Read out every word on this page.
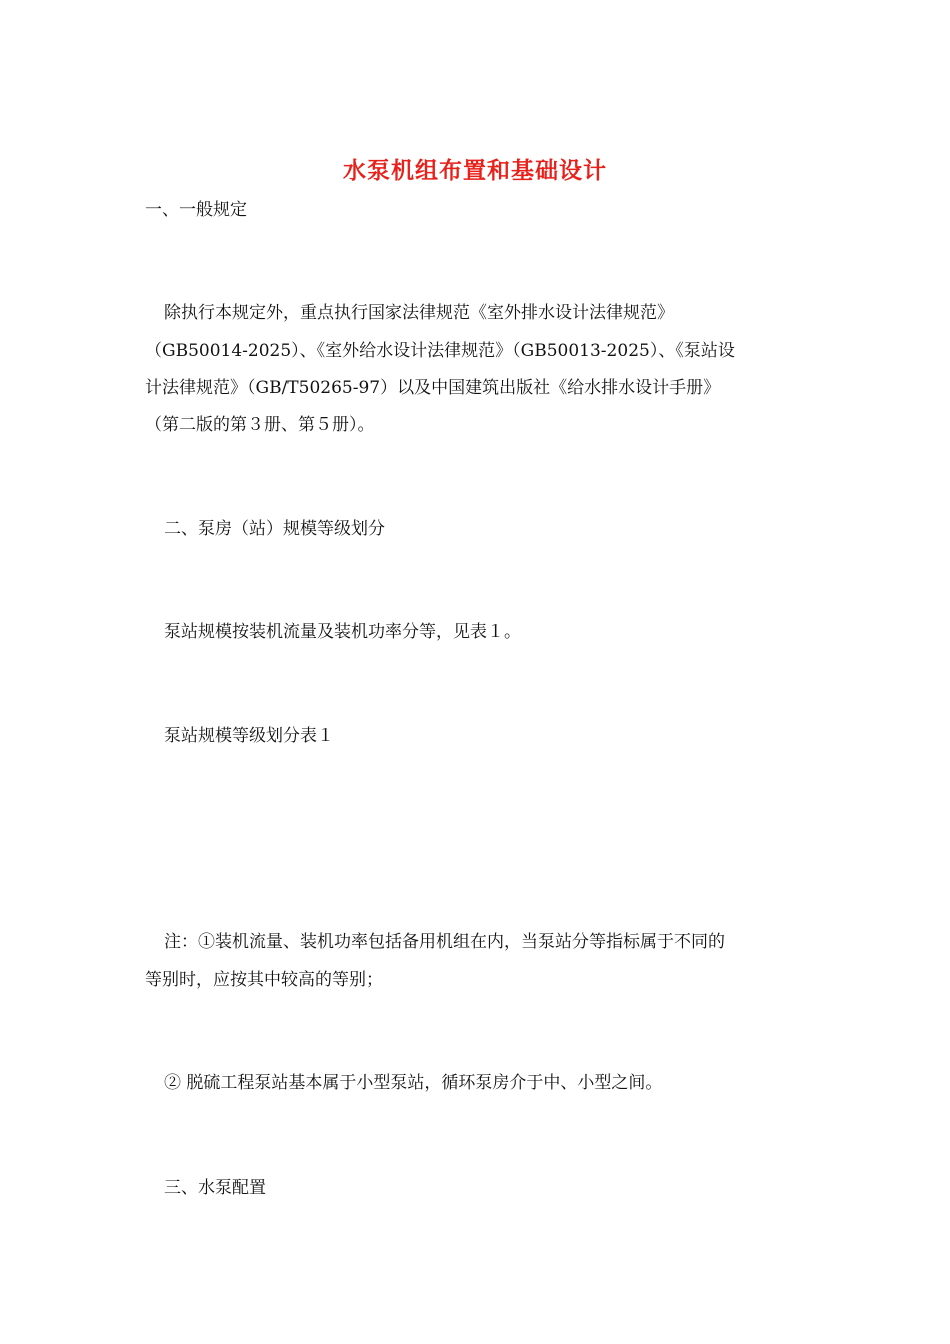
水泵机组布置和基础设计
一、一般规定
除执行本规定外，重点执行国家法律规范《室外排水设计法律规范》
（GB50014-2025）、《室外给水设计法律规范》（GB50013-2025）、《泵站设
计法律规范》（GB/T50265-97）以及中国建筑出版社《给水排水设计手册》
（第二版的第３册、第５册）。
二、泵房（站）规模等级划分
泵站规模按装机流量及装机功率分等，见表１。
泵站规模等级划分表１
注：①装机流量、装机功率包括备用机组在内，当泵站分等指标属于不同的
等别时，应按其中较高的等别；
② 脱硫工程泵站基本属于小型泵站，循环泵房介于中、小型之间。
三、水泵配置
